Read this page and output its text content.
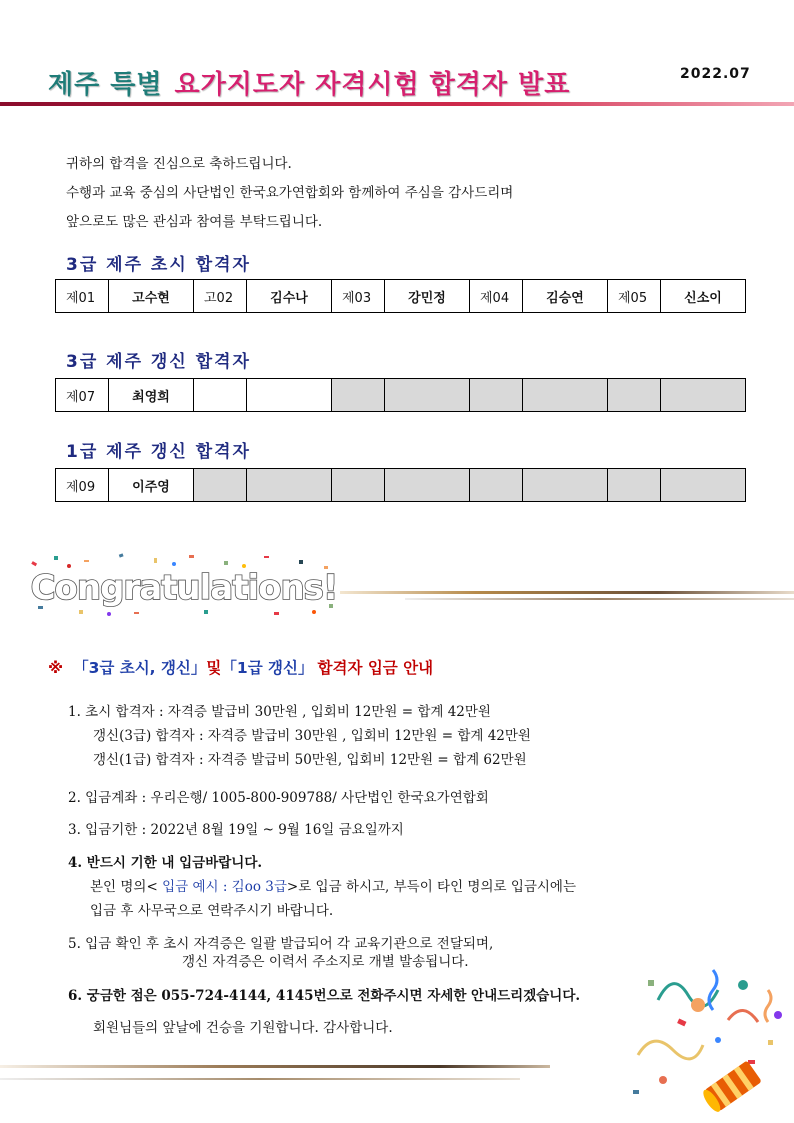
제주 특별 요가지도자 자격시험 합격자 발표	2022.07
귀하의 합격을 진심으로 축하드립니다.
수행과 교육 중심의 사단법인 한국요가연합회와 함께하여 주심을 감사드리며
앞으로도 많은 관심과 참여를 부탁드립니다.
3급 제주 초시 합격자
제01	고수현	고02	김수나	제03	강민정	제04	김승연	제05	신소이
3급 제주 갱신 합격자
제07	최영희								
1급 제주 갱신 합격자
제09	이주영								
Congratulations!
※ 「3급 초시, 갱신」및「1급 갱신」 합격자 입금 안내
1. 초시 합격자 : 자격증 발급비 30만원 , 입회비 12만원 = 합계 42만원
갱신(3급) 합격자 : 자격증 발급비 30만원 , 입회비 12만원 = 합계 42만원
갱신(1급) 합격자 : 자격증 발급비 50만원, 입회비 12만원 = 합계 62만원
2. 입금계좌 : 우리은행/ 1005-800-909788/ 사단법인 한국요가연합회
3. 입금기한 : 2022년 8월 19일 ~ 9월 16일 금요일까지
4. 반드시 기한 내 입금바랍니다.
본인 명의< 입금 예시 : 김oo 3급>로 입금 하시고, 부득이 타인 명의로 입금시에는
입금 후 사무국으로 연락주시기 바랍니다.
5. 입금 확인 후 초시 자격증은 일괄 발급되어 각 교육기관으로 전달되며,
갱신 자격증은 이력서 주소지로 개별 발송됩니다.
6. 궁금한 점은 055-724-4144, 4145번으로 전화주시면 자세한 안내드리겠습니다.
회원님들의 앞날에 건승을 기원합니다. 감사합니다.
